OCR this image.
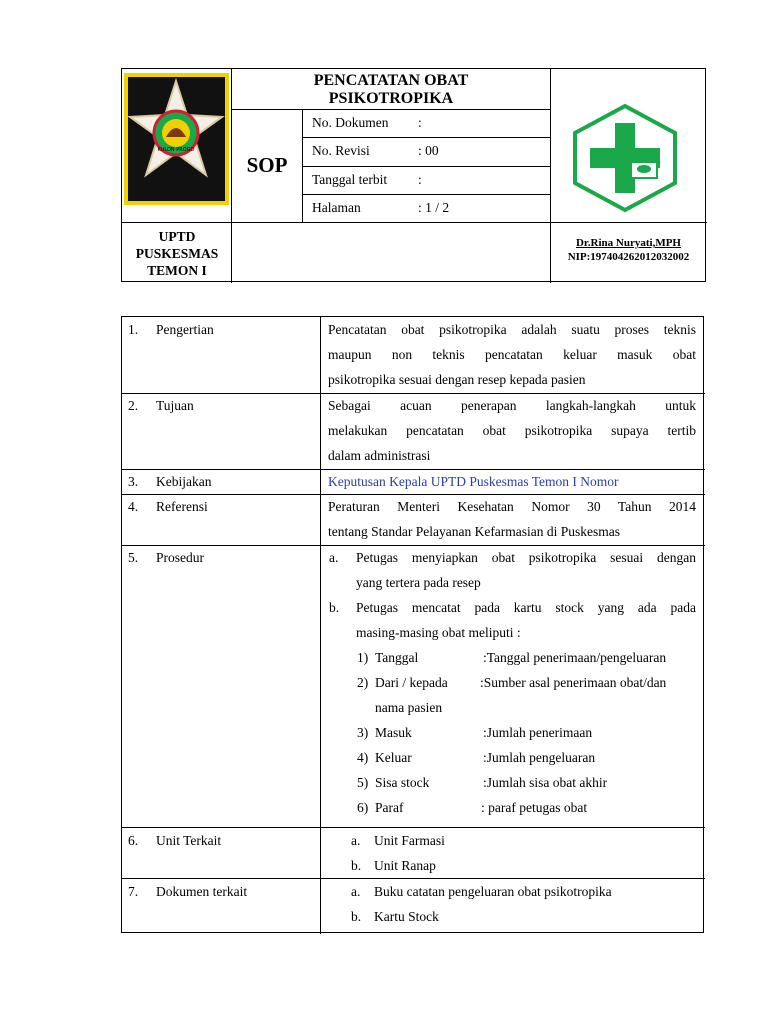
KULON PROGO
PENCATATAN OBAT
PSIKOTROPIKA
SOP
No. Dokumen :
No. Revisi	: 00
Tanggal terbit :
Halaman	: 1 / 2
UPTD
PUSKESMAS
TEMON I
Dr.Rina Nuryati,MPH
NIP:197404262012032002
1. Pengertian	Pencatatan obat psikotropika adalah suatu proses teknis
maupun non teknis pencatatan keluar masuk obat
psikotropika sesuai dengan resep kepada pasien
2. Tujuan	Sebagai acuan penerapan langkah-langkah untuk
melakukan pencatatan obat psikotropika supaya tertib
dalam administrasi
3. Kebijakan	Keputusan Kepala UPTD Puskesmas Temon I Nomor
4. Referensi	Peraturan Menteri Kesehatan Nomor 30 Tahun 2014
tentang Standar Pelayanan Kefarmasian di Puskesmas
5. Prosedur	a. Petugas menyiapkan obat psikotropika sesuai dengan
yang tertera pada resep
b. Petugas mencatat pada kartu stock yang ada pada
masing-masing obat meliputi :
1) Tanggal	:Tanggal penerimaan/pengeluaran
2) Dari / kepada :Sumber asal penerimaan obat/dan
nama pasien
3) Masuk	:Jumlah penerimaan
4) Keluar	:Jumlah pengeluaran
5) Sisa stock	:Jumlah sisa obat akhir
6) Paraf	: paraf petugas obat
6. Unit Terkait	a. Unit Farmasi
b. Unit Ranap
7. Dokumen terkait	a. Buku catatan pengeluaran obat psikotropika
b. Kartu Stock
